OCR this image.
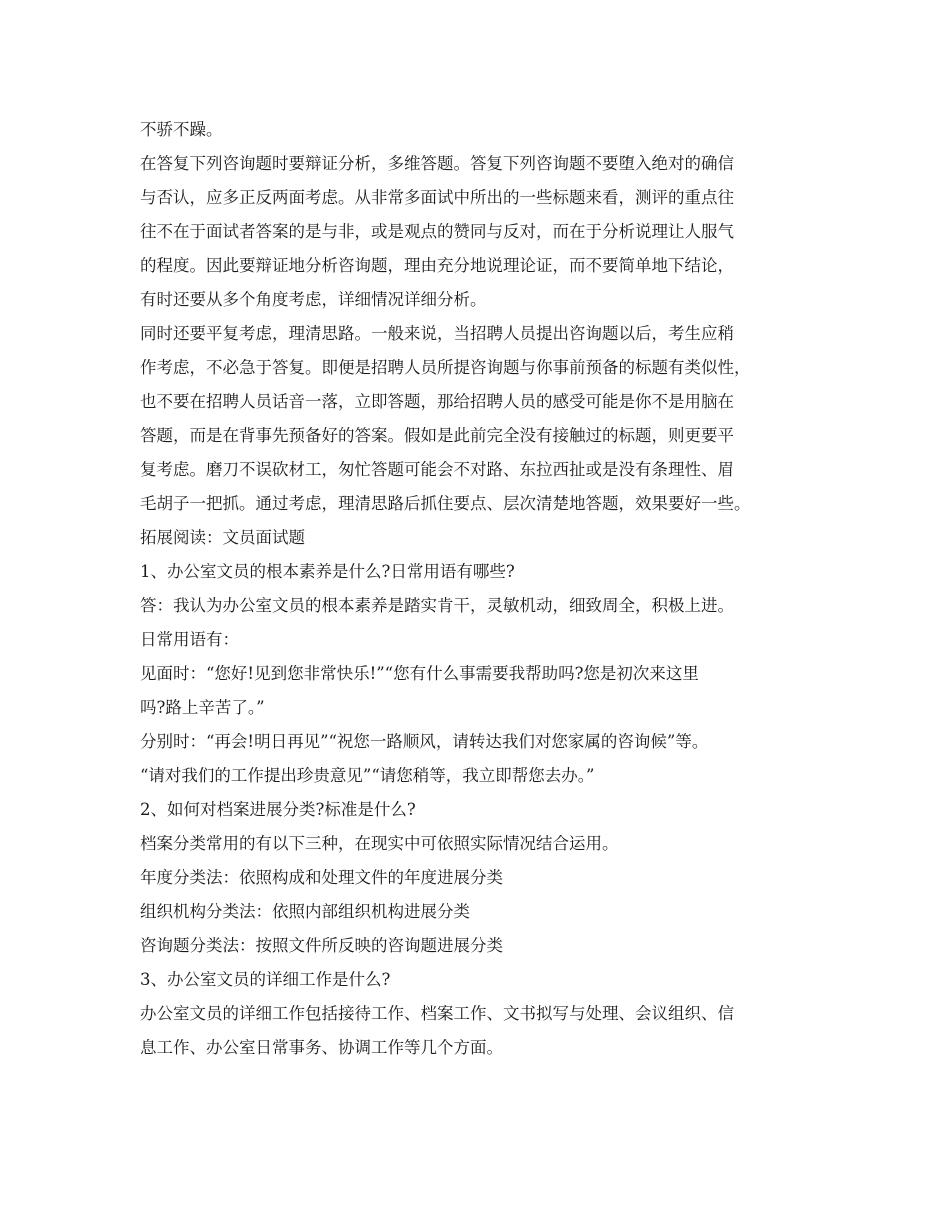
不骄不躁。
在答复下列咨询题时要辩证分析，多维答题。答复下列咨询题不要堕入绝对的确信
与否认，应多正反两面考虑。从非常多面试中所出的一些标题来看，测评的重点往
往不在于面试者答案的是与非，或是观点的赞同与反对，而在于分析说理让人服气
的程度。因此要辩证地分析咨询题，理由充分地说理论证，而不要简单地下结论，
有时还要从多个角度考虑，详细情况详细分析。
同时还要平复考虑，理清思路。一般来说，当招聘人员提出咨询题以后，考生应稍
作考虑，不必急于答复。即便是招聘人员所提咨询题与你事前预备的标题有类似性，
也不要在招聘人员话音一落，立即答题，那给招聘人员的感受可能是你不是用脑在
答题，而是在背事先预备好的答案。假如是此前完全没有接触过的标题，则更要平
复考虑。磨刀不误砍材工，匆忙答题可能会不对路、东拉西扯或是没有条理性、眉
毛胡子一把抓。通过考虑，理清思路后抓住要点、层次清楚地答题，效果要好一些。
拓展阅读：文员面试题
1、办公室文员的根本素养是什么?日常用语有哪些?
答：我认为办公室文员的根本素养是踏实肯干，灵敏机动，细致周全，积极上进。
日常用语有：
见面时：“您好!见到您非常快乐!”“您有什么事需要我帮助吗?您是初次来这里
吗?路上辛苦了。”
分别时：“再会!明日再见”“祝您一路顺风，请转达我们对您家属的咨询候”等。
“请对我们的工作提出珍贵意见”“请您稍等，我立即帮您去办。”
2、如何对档案进展分类?标准是什么?
档案分类常用的有以下三种，在现实中可依照实际情况结合运用。
年度分类法：依照构成和处理文件的年度进展分类
组织机构分类法：依照内部组织机构进展分类
咨询题分类法：按照文件所反映的咨询题进展分类
3、办公室文员的详细工作是什么?
办公室文员的详细工作包括接待工作、档案工作、文书拟写与处理、会议组织、信
息工作、办公室日常事务、协调工作等几个方面。
